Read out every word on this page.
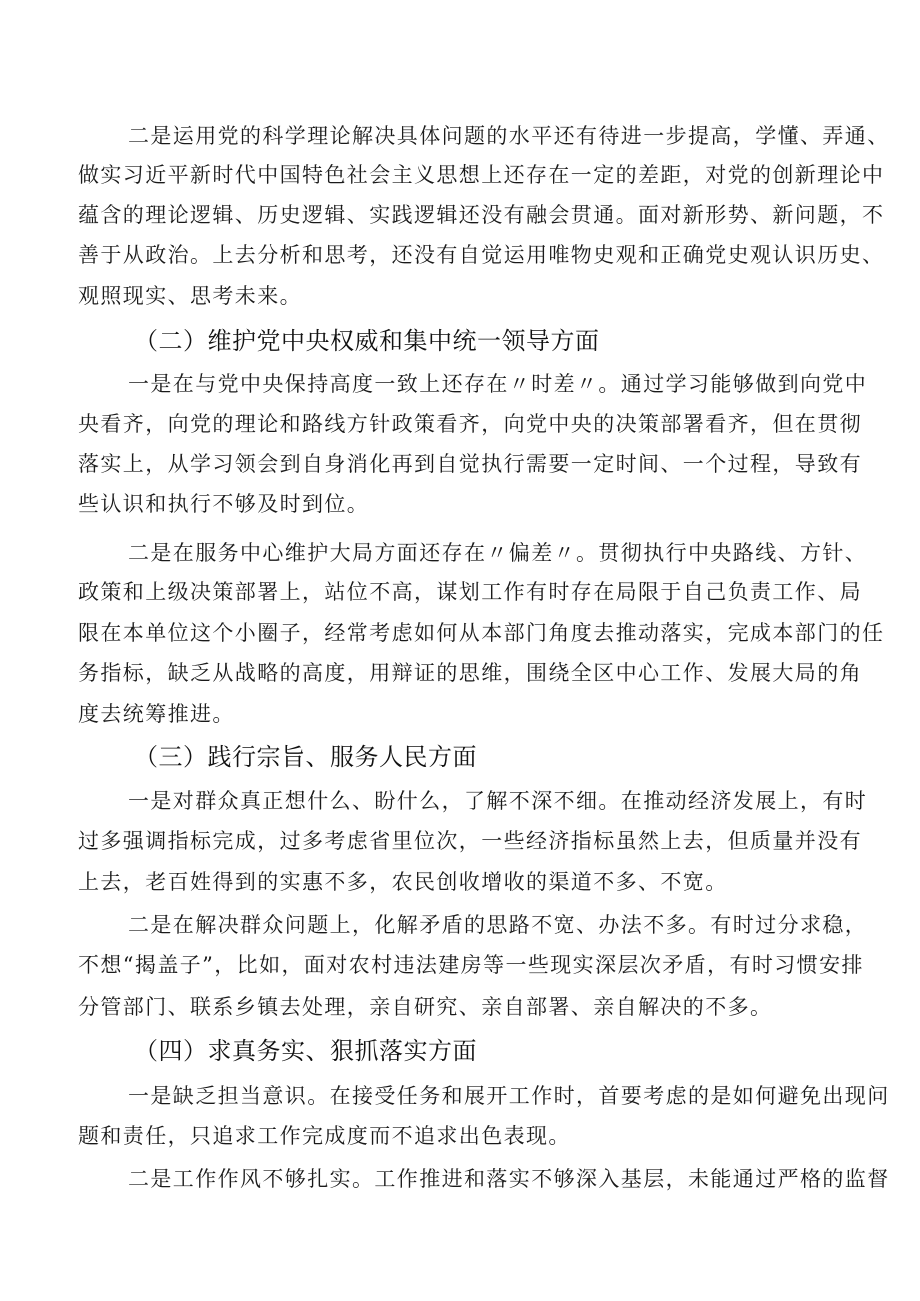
二是运用党的科学理论解决具体问题的水平还有待进一步提高，学懂、弄通、
做实习近平新时代中国特色社会主义思想上还存在一定的差距，对党的创新理论中
蕴含的理论逻辑、历史逻辑、实践逻辑还没有融会贯通。面对新形势、新问题，不
善于从政治。上去分析和思考，还没有自觉运用唯物史观和正确党史观认识历史、
观照现实、思考未来。
（二）维护党中央权威和集中统一领导方面
一是在与党中央保持高度一致上还存在〃时差〃。通过学习能够做到向党中
央看齐，向党的理论和路线方针政策看齐，向党中央的决策部署看齐，但在贯彻
落实上，从学习领会到自身消化再到自觉执行需要一定时间、一个过程，导致有
些认识和执行不够及时到位。
二是在服务中心维护大局方面还存在〃偏差〃。贯彻执行中央路线、方针、
政策和上级决策部署上，站位不高，谋划工作有时存在局限于自己负责工作、局
限在本单位这个小圈子，经常考虑如何从本部门角度去推动落实，完成本部门的任
务指标，缺乏从战略的高度，用辩证的思维，围绕全区中心工作、发展大局的角
度去统筹推进。
（三）践行宗旨、服务人民方面
一是对群众真正想什么、盼什么，了解不深不细。在推动经济发展上，有时
过多强调指标完成，过多考虑省里位次，一些经济指标虽然上去，但质量并没有
上去，老百姓得到的实惠不多，农民创收增收的渠道不多、不宽。
二是在解决群众问题上，化解矛盾的思路不宽、办法不多。有时过分求稳，
不想“揭盖子”，比如，面对农村违法建房等一些现实深层次矛盾，有时习惯安排
分管部门、联系乡镇去处理，亲自研究、亲自部署、亲自解决的不多。
（四）求真务实、狠抓落实方面
一是缺乏担当意识。在接受任务和展开工作时，首要考虑的是如何避免出现问
题和责任，只追求工作完成度而不追求出色表现。
二是工作作风不够扎实。工作推进和落实不够深入基层，未能通过严格的监督
